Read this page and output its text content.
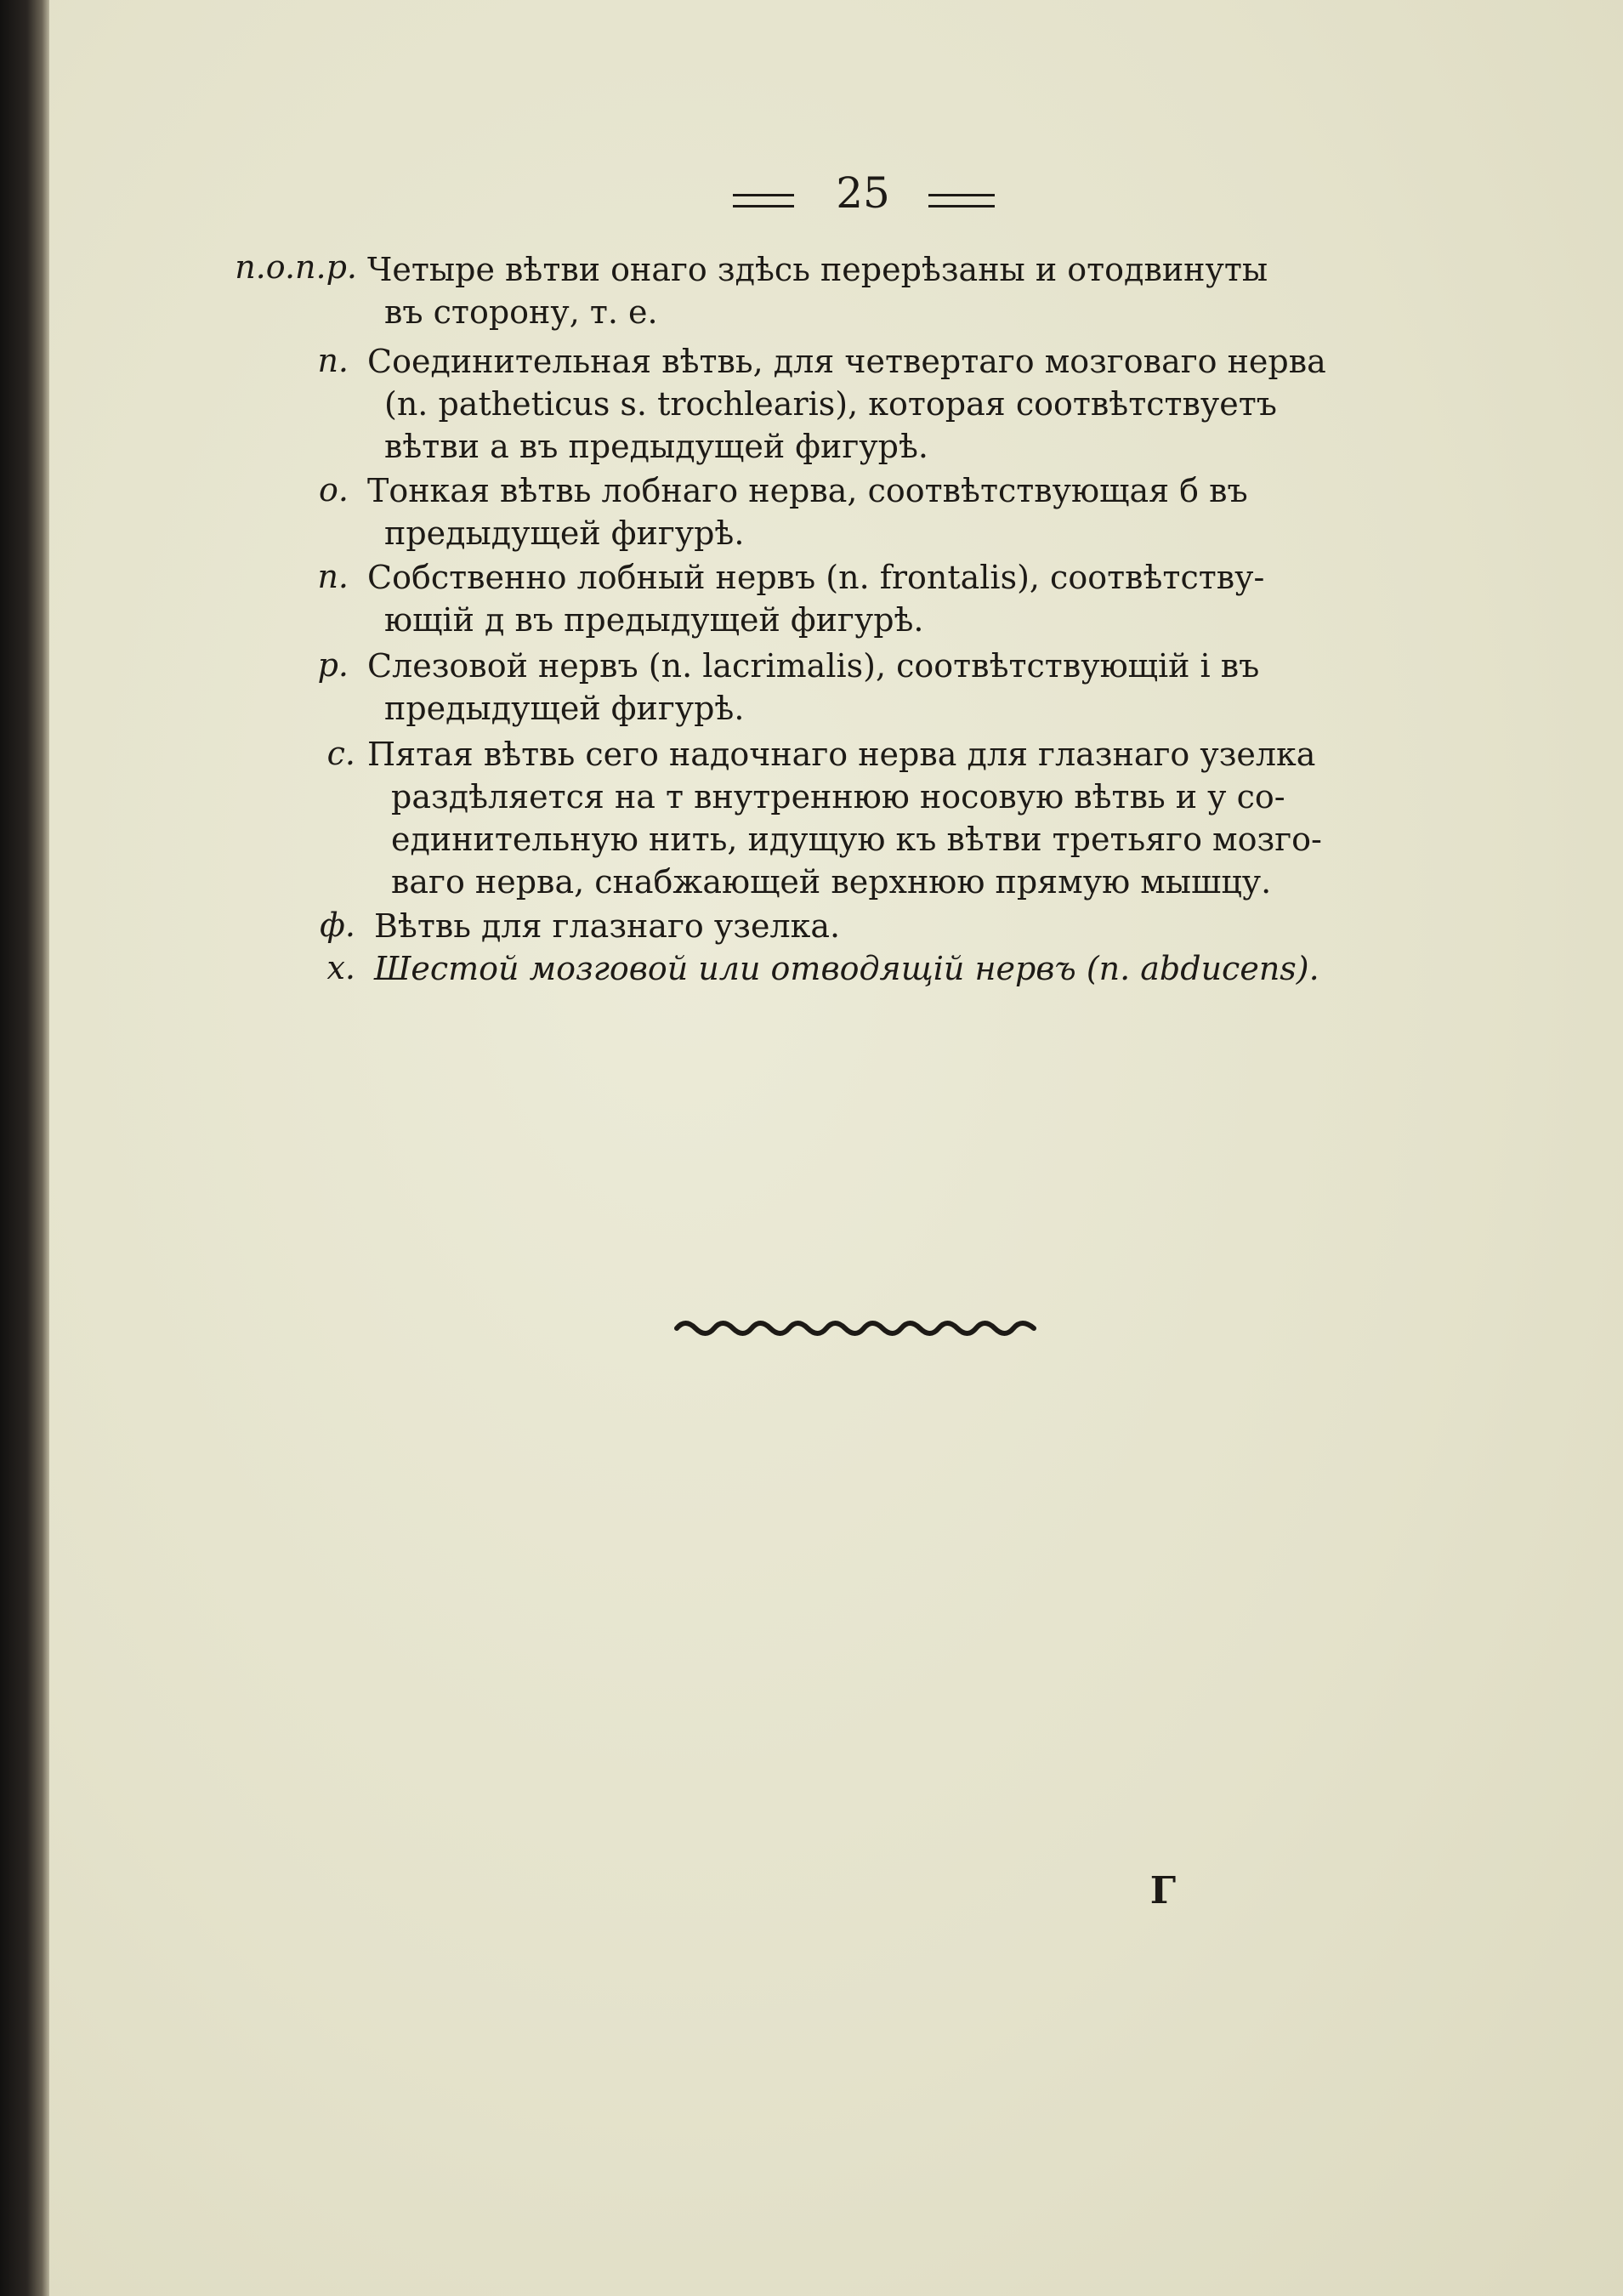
25
n.o.n.p. Четыре вѣтви онаго здѣсь перерѣзаны и отодвинуты
въ сторону, т. е.
n. Соединительная вѣтвь, для четвертаго мозговаго нерва
(n. patheticus s. trochlearis), которая соотвѣтствуетъ
вѣтви а въ предыдущей фигурѣ.
о. Тонкая вѣтвь лобнаго нерва, соотвѣтствующая б въ
предыдущей фигурѣ.
п. Собственно лобный нервъ (n. frontalis), соотвѣтству-
ющій д въ предыдущей фигурѣ.
р. Слезовой нервъ (n. lacrimalis), соотвѣтствующій i въ
предыдущей фигурѣ.
с. Пятая вѣтвь сего надочнаго нерва для глазнаго узелка
раздѣляется на т внутреннюю носовую вѣтвь и у со-
единительную нить, идущую къ вѣтви третьяго мозго-
ваго нерва, снабжающей верхнюю прямую мышцу.
ф. Вѣтвь для глазнаго узелка.
х. Шестой мозговой или отводящій нервъ (n. abducens).
Г
